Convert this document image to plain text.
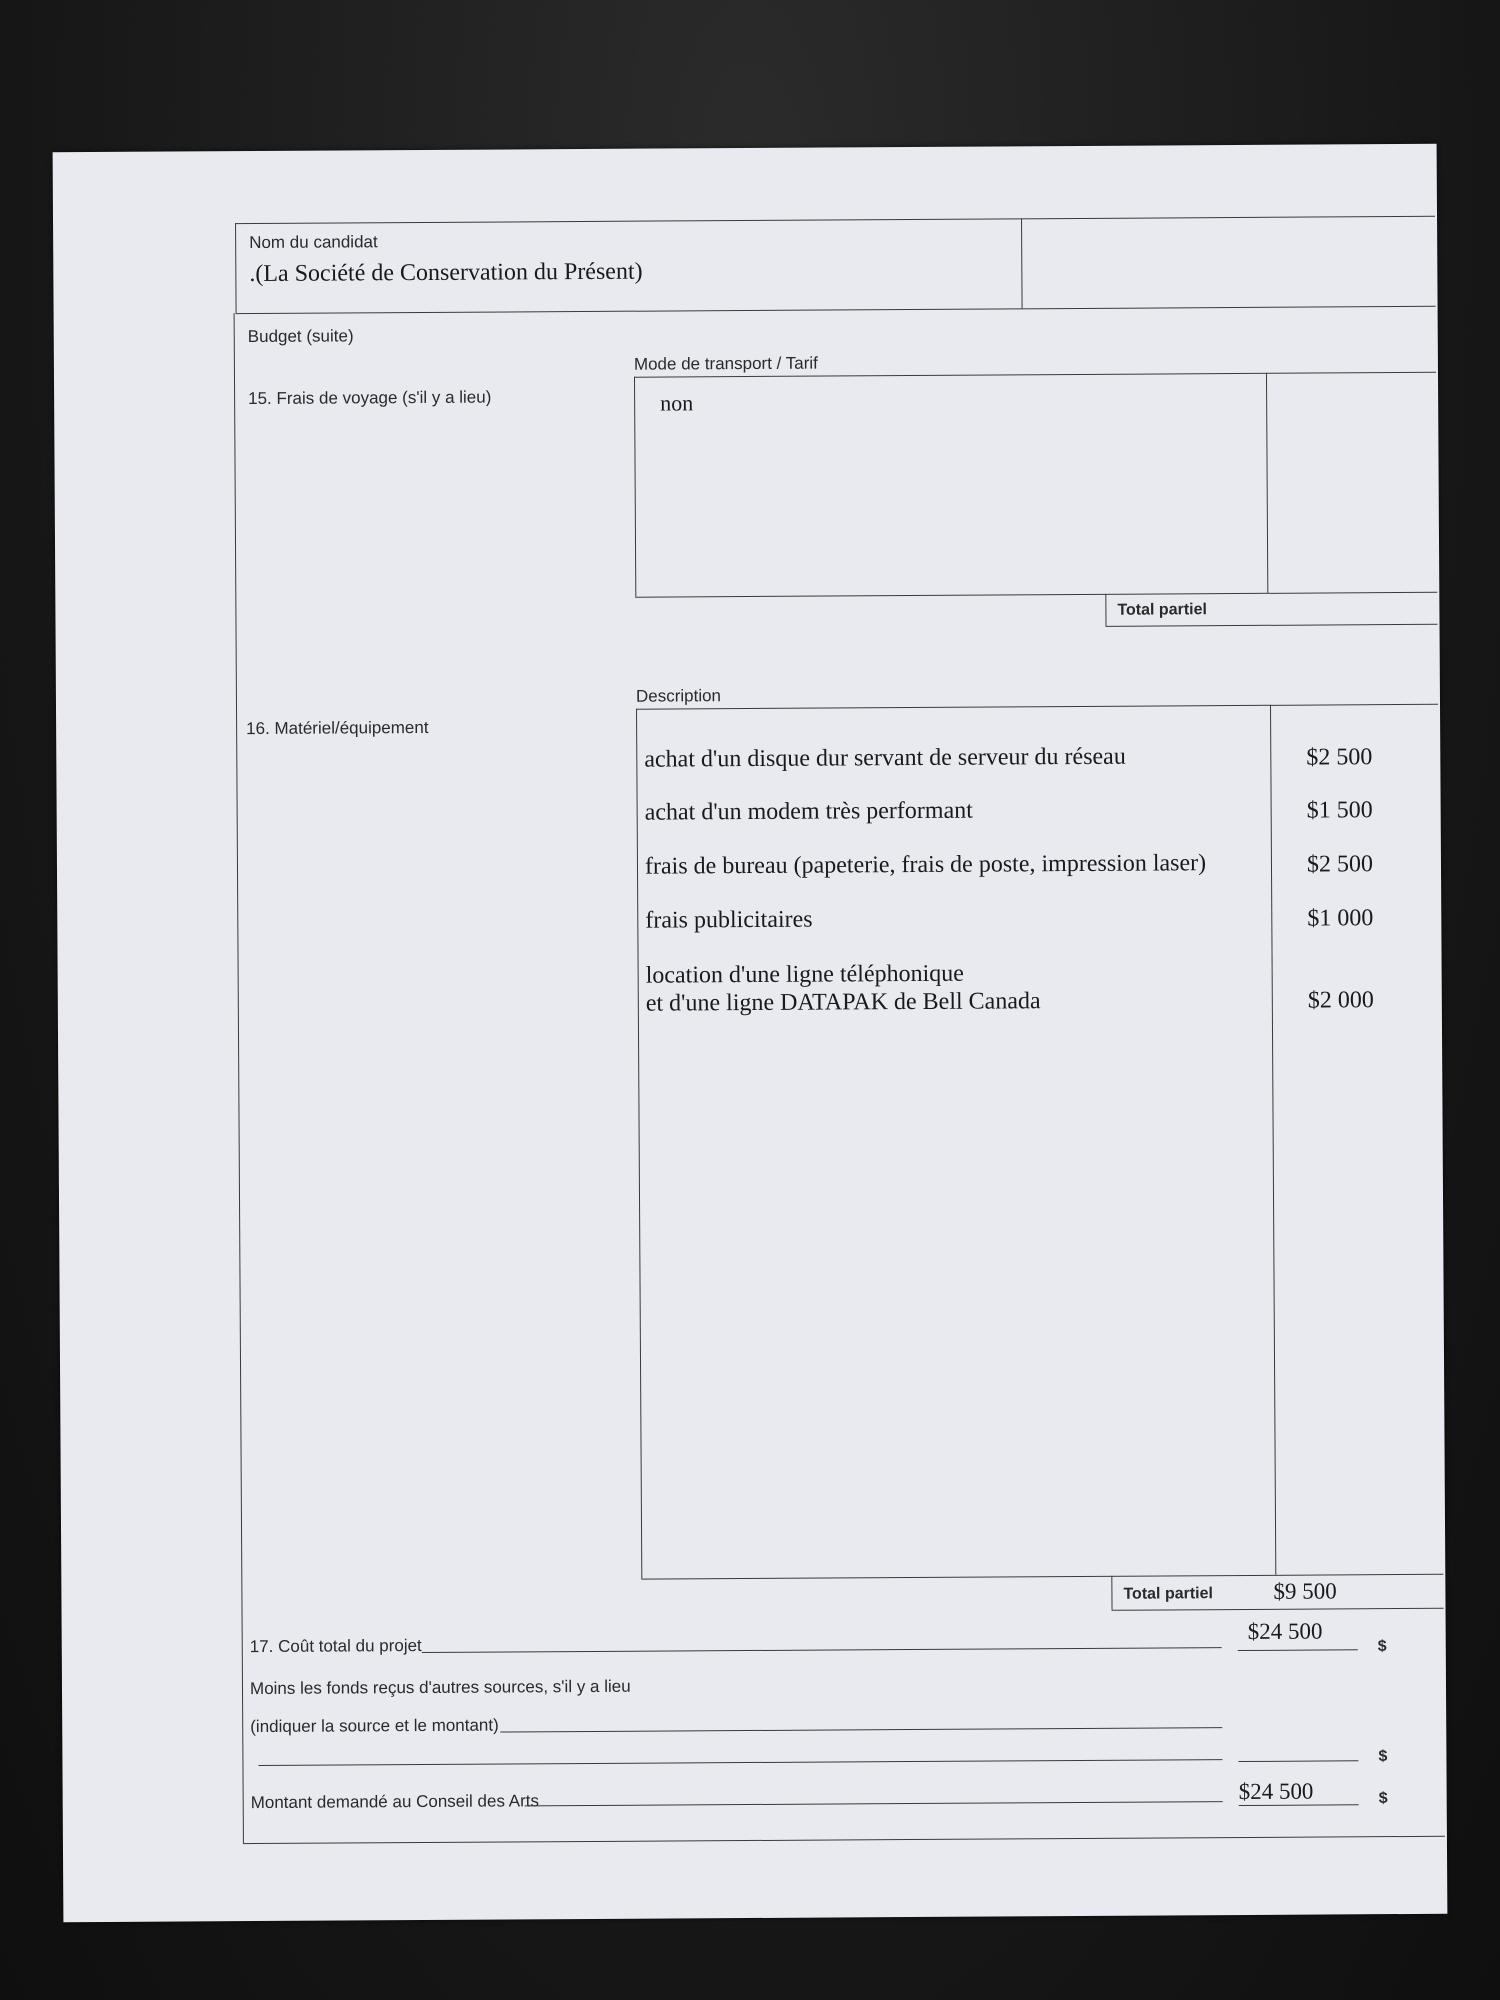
Nom du candidat
.(La Société de Conservation du Présent)
Budget (suite)
15. Frais de voyage (s'il y a lieu)
Mode de transport / Tarif
non
Total partiel
Description
16. Matériel/équipement
achat d'un disque dur servant de serveur du réseau	$2 500
achat d'un modem très performant	$1 500
frais de bureau (papeterie, frais de poste, impression laser)	$2 500
frais publicitaires	$1 000
location d'une ligne téléphonique
et d'une ligne DATAPAK de Bell Canada	$2 000
Total partiel	$9 500
17. Coût total du projet
$24 500
$
Moins les fonds reçus d'autres sources, s'il y a lieu
(indiquer la source et le montant)
$
Montant demandé au Conseil des Arts	$24 500	$
